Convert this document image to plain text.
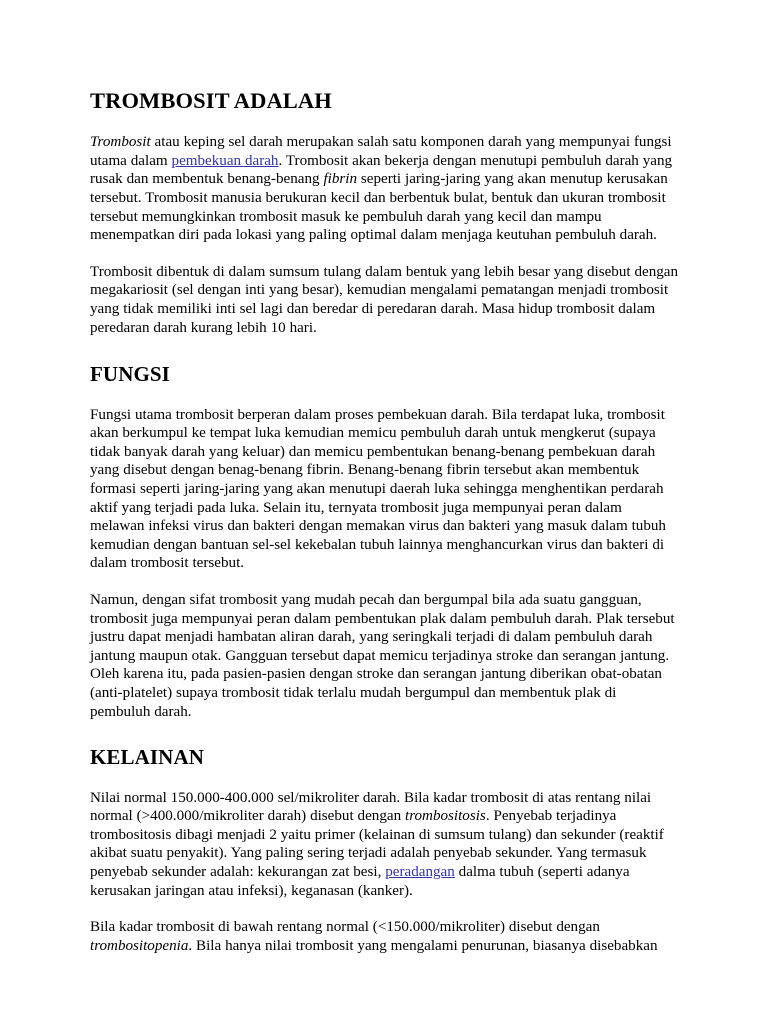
TROMBOSIT ADALAH

Trombosit atau keping sel darah merupakan salah satu komponen darah yang mempunyai fungsi utama dalam pembekuan darah. Trombosit akan bekerja dengan menutupi pembuluh darah yang rusak dan membentuk benang-benang fibrin seperti jaring-jaring yang akan menutup kerusakan tersebut. Trombosit manusia berukuran kecil dan berbentuk bulat, bentuk dan ukuran trombosit tersebut memungkinkan trombosit masuk ke pembuluh darah yang kecil dan mampu menempatkan diri pada lokasi yang paling optimal dalam menjaga keutuhan pembuluh darah.

Trombosit dibentuk di dalam sumsum tulang dalam bentuk yang lebih besar yang disebut dengan megakariosit (sel dengan inti yang besar), kemudian mengalami pematangan menjadi trombosit yang tidak memiliki inti sel lagi dan beredar di peredaran darah. Masa hidup trombosit dalam peredaran darah kurang lebih 10 hari.

FUNGSI

Fungsi utama trombosit berperan dalam proses pembekuan darah. Bila terdapat luka, trombosit akan berkumpul ke tempat luka kemudian memicu pembuluh darah untuk mengkerut (supaya tidak banyak darah yang keluar) dan memicu pembentukan benang-benang pembekuan darah yang disebut dengan benag-benang fibrin. Benang-benang fibrin tersebut akan membentuk formasi seperti jaring-jaring yang akan menutupi daerah luka sehingga menghentikan perdarah aktif yang terjadi pada luka. Selain itu, ternyata trombosit juga mempunyai peran dalam melawan infeksi virus dan bakteri dengan memakan virus dan bakteri yang masuk dalam tubuh kemudian dengan bantuan sel-sel kekebalan tubuh lainnya menghancurkan virus dan bakteri di dalam trombosit tersebut.

Namun, dengan sifat trombosit yang mudah pecah dan bergumpal bila ada suatu gangguan, trombosit juga mempunyai peran dalam pembentukan plak dalam pembuluh darah. Plak tersebut justru dapat menjadi hambatan aliran darah, yang seringkali terjadi di dalam pembuluh darah jantung maupun otak. Gangguan tersebut dapat memicu terjadinya stroke dan serangan jantung. Oleh karena itu, pada pasien-pasien dengan stroke dan serangan jantung diberikan obat-obatan (anti-platelet) supaya trombosit tidak terlalu mudah bergumpul dan membentuk plak di pembuluh darah.

KELAINAN

Nilai normal 150.000-400.000 sel/mikroliter darah. Bila kadar trombosit di atas rentang nilai normal (>400.000/mikroliter darah) disebut dengan trombositosis. Penyebab terjadinya trombositosis dibagi menjadi 2 yaitu primer (kelainan di sumsum tulang) dan sekunder (reaktif akibat suatu penyakit). Yang paling sering terjadi adalah penyebab sekunder. Yang termasuk penyebab sekunder adalah: kekurangan zat besi, peradangan dalma tubuh (seperti adanya kerusakan jaringan atau infeksi), keganasan (kanker).

Bila kadar trombosit di bawah rentang normal (<150.000/mikroliter) disebut dengan trombositopenia. Bila hanya nilai trombosit yang mengalami penurunan, biasanya disebabkan
